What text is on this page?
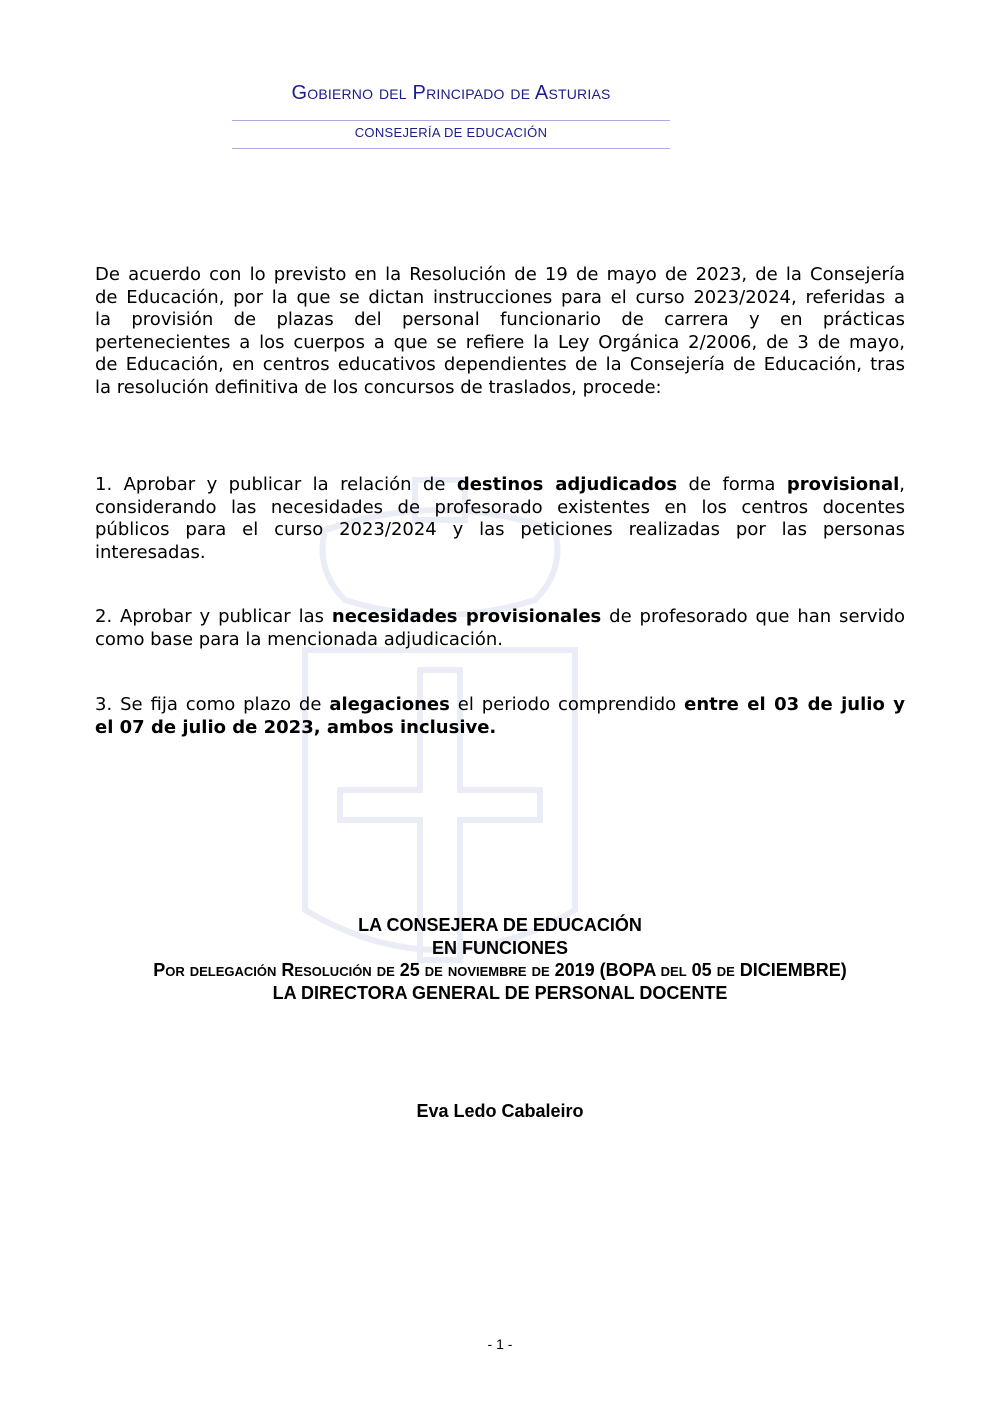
Gobierno del Principado de Asturias
CONSEJERÍA DE EDUCACIÓN
De acuerdo con lo previsto en la Resolución de 19 de mayo de 2023, de la Consejería
de Educación, por la que se dictan instrucciones para el curso 2023/2024, referidas a
la provisión de plazas del personal funcionario de carrera y en prácticas
pertenecientes a los cuerpos a que se refiere la Ley Orgánica 2/2006, de 3 de mayo,
de Educación, en centros educativos dependientes de la Consejería de Educación, tras
la resolución definitiva de los concursos de traslados, procede:
1. Aprobar y publicar la relación de destinos adjudicados de forma provisional,
considerando las necesidades de profesorado existentes en los centros docentes
públicos para el curso 2023/2024 y las peticiones realizadas por las personas
interesadas.
2. Aprobar y publicar las necesidades provisionales de profesorado que han servido
como base para la mencionada adjudicación.
3. Se fija como plazo de alegaciones el periodo comprendido entre el 03 de julio y
el 07 de julio de 2023, ambos inclusive.
LA CONSEJERA DE EDUCACIÓN
EN FUNCIONES
Por delegación Resolución de 25 de noviembre de 2019 (BOPA del 05 de DICIEMBRE)
LA DIRECTORA GENERAL DE PERSONAL DOCENTE
Eva Ledo Cabaleiro
- 1 -
